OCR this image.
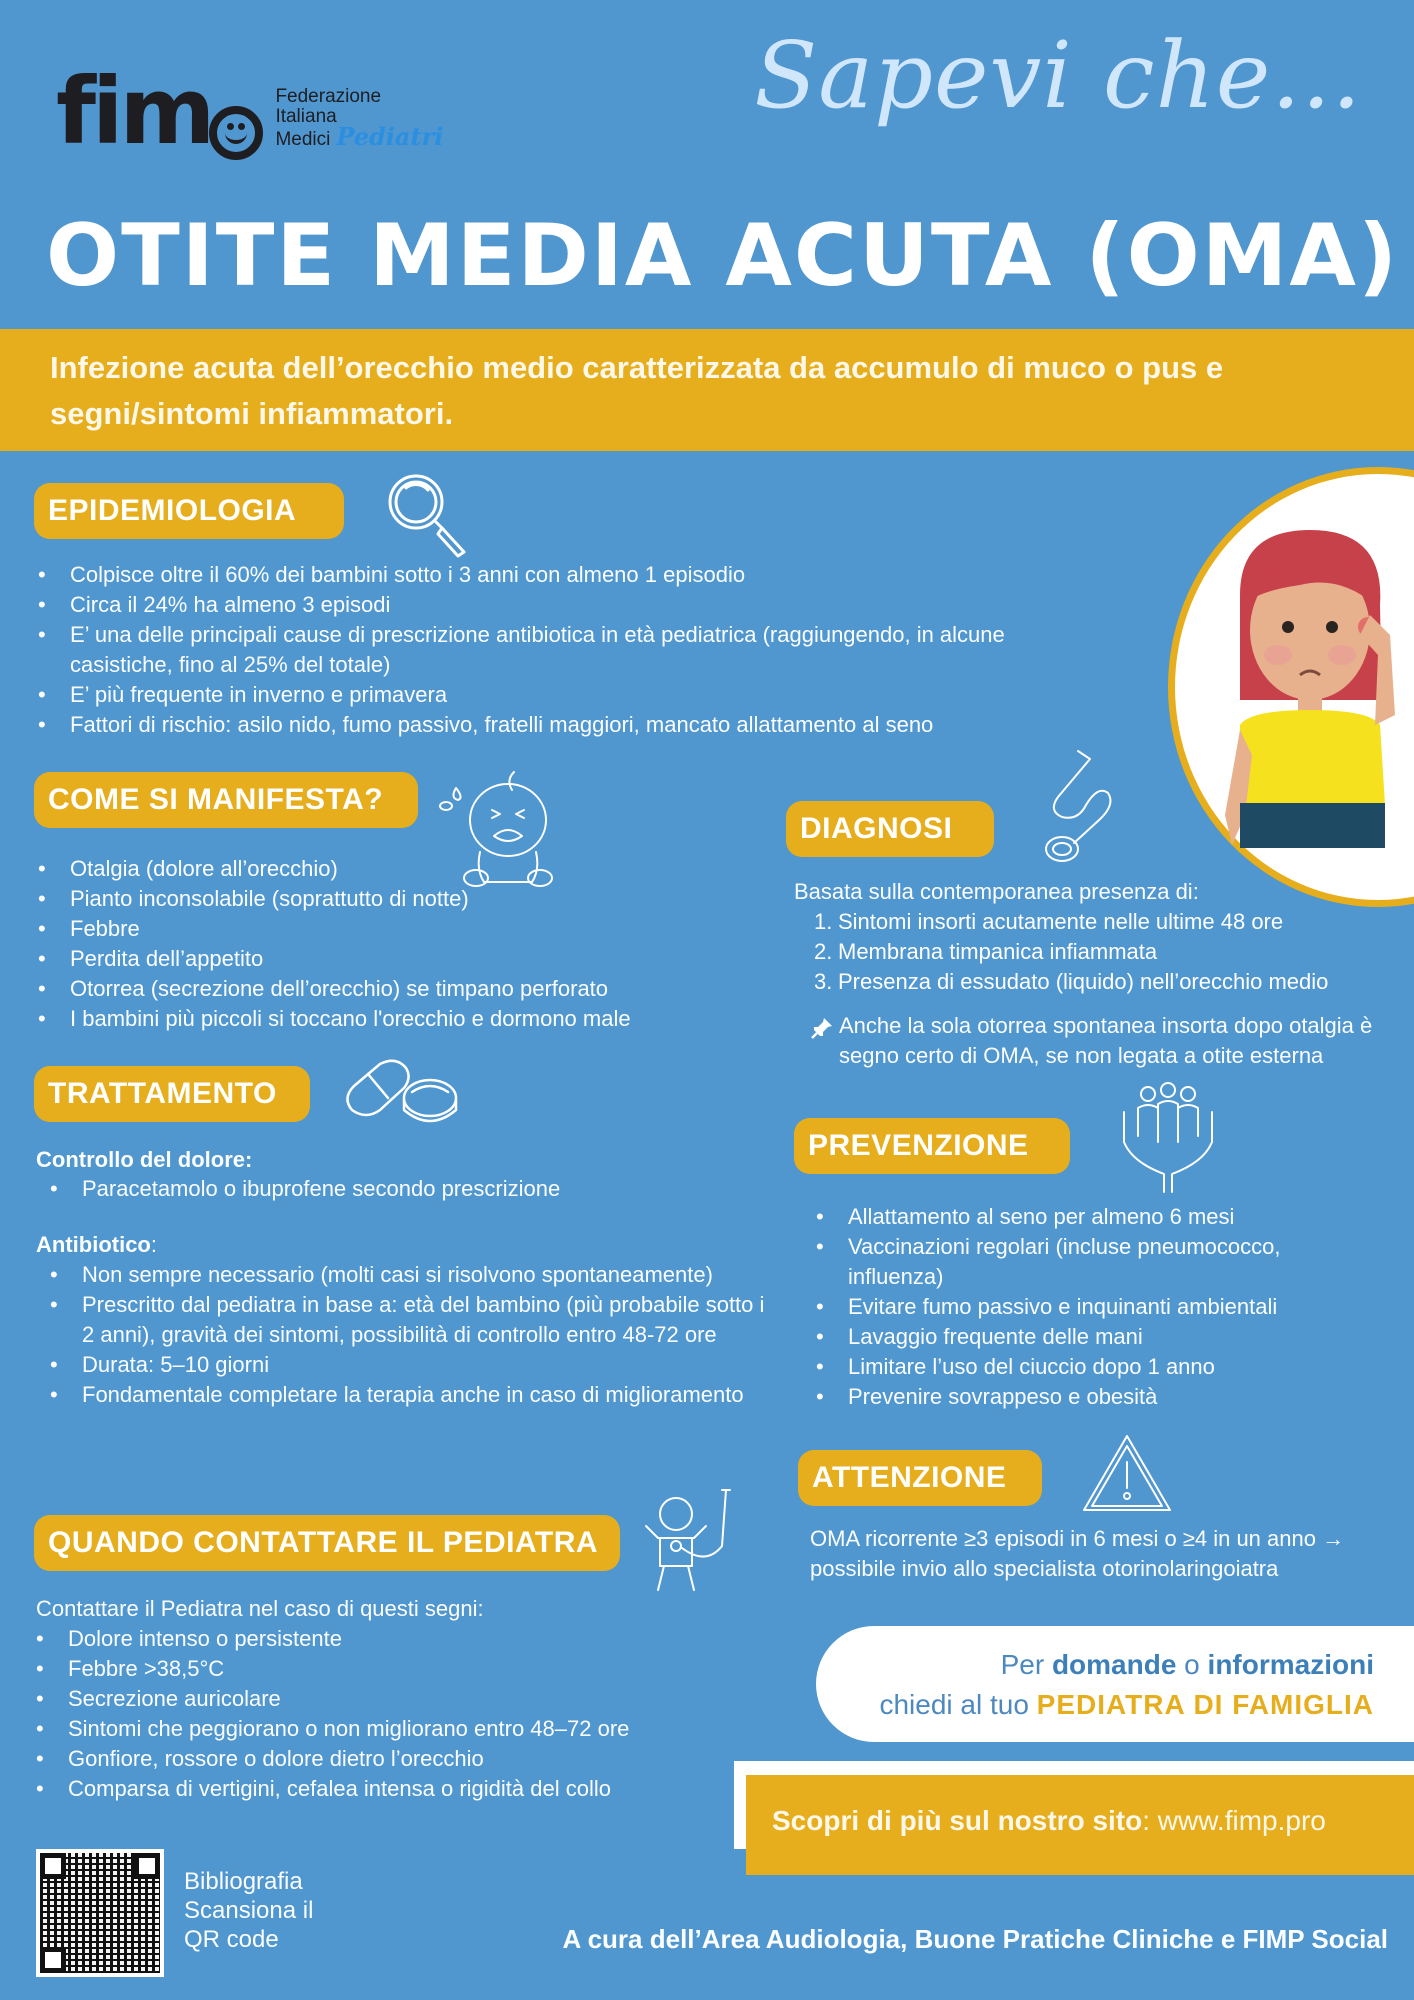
fim	Federazione
Italiana
Medici Pediatri
Sapevi che...
OTITE MEDIA ACUTA (OMA)
Infezione acuta dell’orecchio medio caratterizzata da accumulo di muco o pus e segni/sintomi infiammatori.
EPIDEMIOLOGIA
• Colpisce oltre il 60% dei bambini sotto i 3 anni con almeno 1 episodio
• Circa il 24% ha almeno 3 episodi
• E’ una delle principali cause di prescrizione antibiotica in età pediatrica (raggiungendo, in alcune casistiche, fino al 25% del totale)
• E’ più frequente in inverno e primavera
• Fattori di rischio: asilo nido, fumo passivo, fratelli maggiori, mancato allattamento al seno
COME SI MANIFESTA?
• Otalgia (dolore all’orecchio)
• Pianto inconsolabile (soprattutto di notte)
• Febbre
• Perdita dell’appetito
• Otorrea (secrezione dell’orecchio) se timpano perforato
• I bambini più piccoli si toccano l'orecchio e dormono male
DIAGNOSI
Basata sulla contemporanea presenza di:
1. Sintomi insorti acutamente nelle ultime 48 ore
2. Membrana timpanica infiammata
3. Presenza di essudato (liquido) nell’orecchio medio
Anche la sola otorrea spontanea insorta dopo otalgia è segno certo di OMA, se non legata a otite esterna
TRATTAMENTO
Controllo del dolore:
• Paracetamolo o ibuprofene secondo prescrizione
Antibiotico:
• Non sempre necessario (molti casi si risolvono spontaneamente)
• Prescritto dal pediatra in base a: età del bambino (più probabile sotto i 2 anni), gravità dei sintomi, possibilità di controllo entro 48-72 ore
• Durata: 5–10 giorni
• Fondamentale completare la terapia anche in caso di miglioramento
PREVENZIONE
• Allattamento al seno per almeno 6 mesi
• Vaccinazioni regolari (incluse pneumococco, influenza)
• Evitare fumo passivo e inquinanti ambientali
• Lavaggio frequente delle mani
• Limitare l’uso del ciuccio dopo 1 anno
• Prevenire sovrappeso e obesità
ATTENZIONE
OMA ricorrente ≥3 episodi in 6 mesi o ≥4 in un anno → possibile invio allo specialista otorinolaringoiatra
QUANDO CONTATTARE IL PEDIATRA
Contattare il Pediatra nel caso di questi segni:
• Dolore intenso o persistente
• Febbre >38,5°C
• Secrezione auricolare
• Sintomi che peggiorano o non migliorano entro 48–72 ore
• Gonfiore, rossore o dolore dietro l’orecchio
• Comparsa di vertigini, cefalea intensa o rigidità del collo
Per domande o informazioni
chiedi al tuo PEDIATRA DI FAMIGLIA
Scopri di più sul nostro sito: www.fimp.pro
Bibliografia
Scansiona il
QR code	A cura dell’Area Audiologia, Buone Pratiche Cliniche e FIMP Social
